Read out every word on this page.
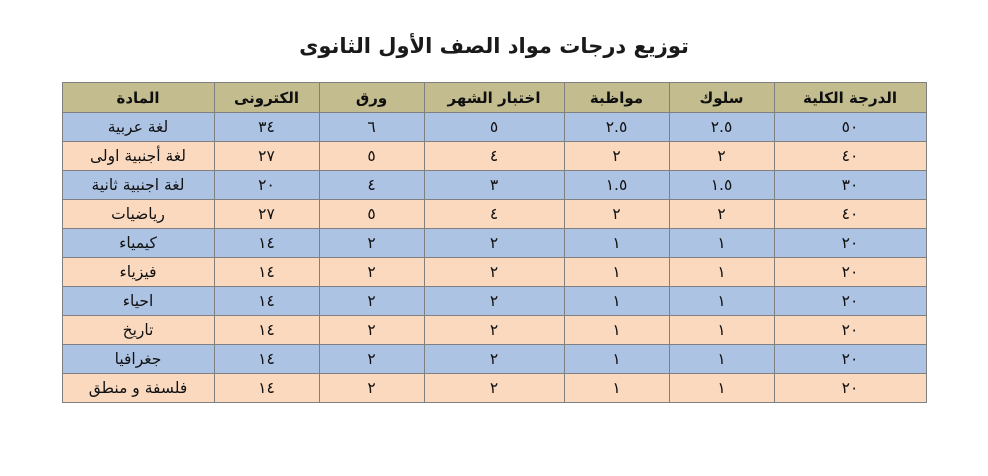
توزيع درجات مواد الصف الأول الثانوى
الدرجة الكلية	سلوك	مواظبة	اختبار الشهر	ورق	الكترونى	المادة
٥٠	٢.٥	٢.٥	٥	٦	٣٤	لغة عربية
٤٠	٢	٢	٤	٥	٢٧	لغة أجنبية اولى
٣٠	١.٥	١.٥	٣	٤	٢٠	لغة اجنبية ثانية
٤٠	٢	٢	٤	٥	٢٧	رياضيات
٢٠	١	١	٢	٢	١٤	كيمياء
٢٠	١	١	٢	٢	١٤	فيزياء
٢٠	١	١	٢	٢	١٤	احياء
٢٠	١	١	٢	٢	١٤	تاريخ
٢٠	١	١	٢	٢	١٤	جغرافيا
٢٠	١	١	٢	٢	١٤	فلسفة و منطق
